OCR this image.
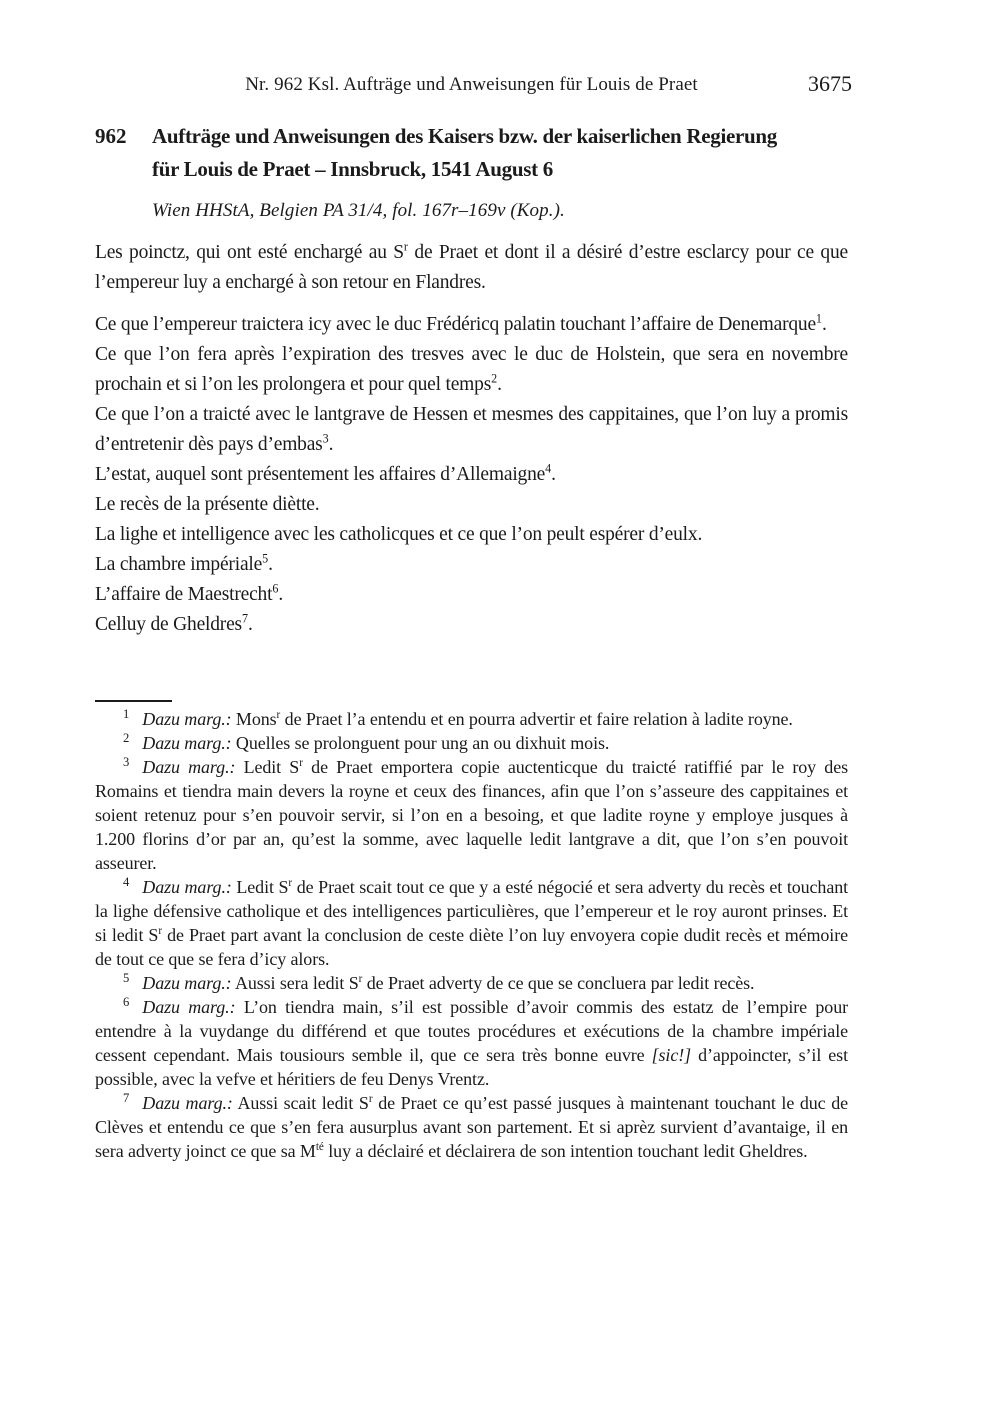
Nr. 962 Ksl. Aufträge und Anweisungen für Louis de Praet	3675
962	Aufträge und Anweisungen des Kaisers bzw. der kaiserlichen Regierung
für Louis de Praet – Innsbruck, 1541 August 6

Wien HHStA, Belgien PA 31/4, fol. 167r–169v (Kop.).

Les poinctz, qui ont esté enchargé au $S^r$ de Praet et dont il a désiré d’estre esclarcy pour ce que l’empereur luy a enchargé à son retour en Flandres.

Ce que l’empereur traictera icy avec le duc Frédéricq palatin touchant l’affaire de Denemarque$^1$.

Ce que l’on fera après l’expiration des tresves avec le duc de Holstein, que sera en novembre prochain et si l’on les prolongera et pour quel temps$^2$.

Ce que l’on a traicté avec le lantgrave de Hessen et mesmes des cappitaines, que l’on luy a promis d’entretenir dès pays d’embas$^3$.

L’estat, auquel sont présentement les affaires d’Allemaigne$^4$.

Le recès de la présente diètte.

La lighe et intelligence avec les catholicques et ce que l’on peult espérer d’eulx.

La chambre impériale$^5$.

L’affaire de Maestrecht$^6$.

Celluy de Gheldres$^7$.

$^1$ Dazu marg.: Mons$^r$ de Praet l’a entendu et en pourra advertir et faire relation à ladite royne.

$^2$ Dazu marg.: Quelles se prolonguent pour ung an ou dixhuit mois.

$^3$ Dazu marg.: Ledit $S^r$ de Praet emportera copie auctenticque du traicté ratiffié par le roy des Romains et tiendra main devers la royne et ceux des finances, afin que l’on s’asseure des cappitaines et soient retenuz pour s’en pouvoir servir, si l’on en a besoing, et que ladite royne y employe jusques à 1.200 florins d’or par an, qu’est la somme, avec laquelle ledit lantgrave a dit, que l’on s’en pouvoit asseurer.

$^4$ Dazu marg.: Ledit $S^r$ de Praet scait tout ce que y a esté négocié et sera adverty du recès et touchant la lighe défensive catholique et des intelligences particulières, que l’empereur et le roy auront prinses. Et si ledit $S^r$ de Praet part avant la conclusion de ceste diète l’on luy envoyera copie dudit recès et mémoire de tout ce que se fera d’icy alors.

$^5$ Dazu marg.: Aussi sera ledit $S^r$ de Praet adverty de ce que se concluera par ledit recès.

$^6$ Dazu marg.: L’on tiendra main, s’il est possible d’avoir commis des estatz de l’empire pour entendre à la vuydange du différend et que toutes procédures et exécutions de la chambre impériale cessent cependant. Mais tousiours semble il, que ce sera très bonne euvre [sic!] d’appoincter, s’il est possible, avec la vefve et héritiers de feu Denys Vrentz.

$^7$ Dazu marg.: Aussi scait ledit $S^r$ de Praet ce qu’est passé jusques à maintenant touchant le duc de Clèves et entendu ce que s’en fera ausurplus avant son partement. Et si aprèz survient d’avantaige, il en sera adverty joinct ce que sa $M^{té}$ luy a déclairé et déclairera de son intention touchant ledit Gheldres.
